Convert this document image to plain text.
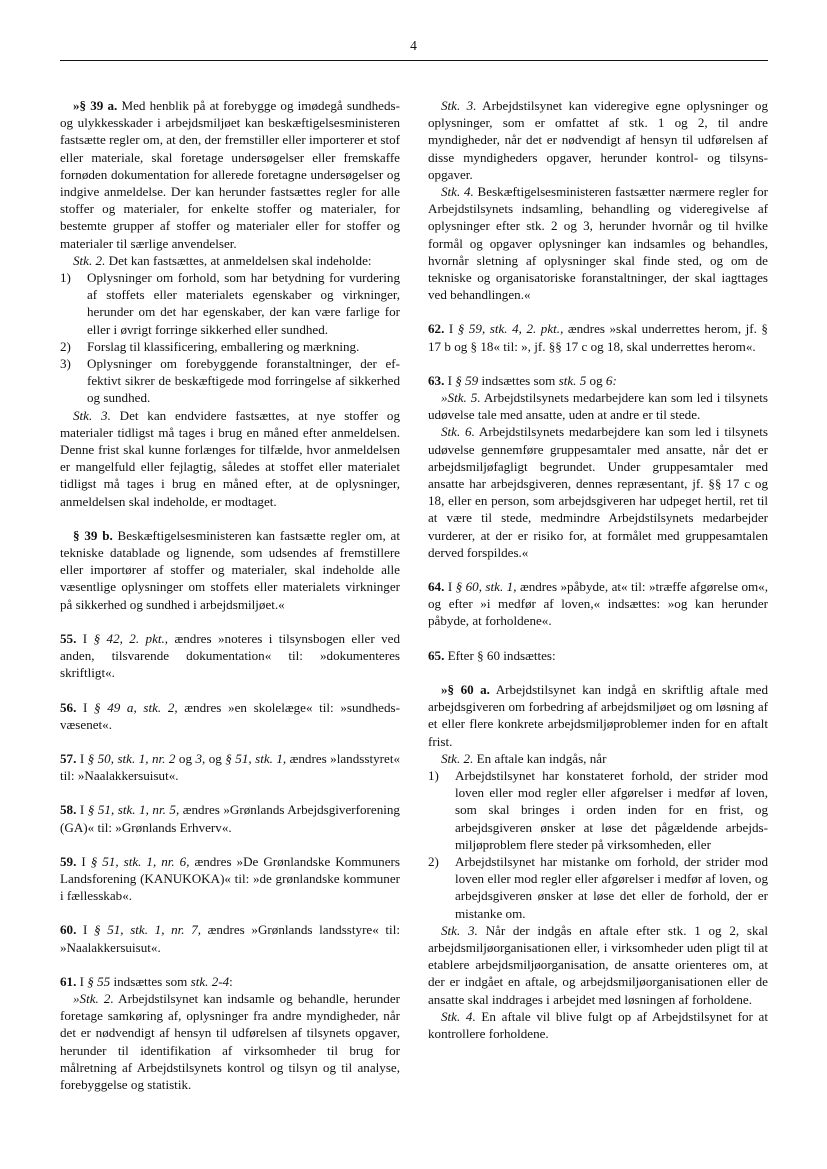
4

»§ 39 a. Med henblik på at forebygge og imødegå sundheds- og ulykkesskader i arbejdsmiljøet kan beskæftigelsesministeren fastsætte regler om, at den, der fremstiller eller importerer et stof eller materiale, skal foretage undersøgelser eller fremskaffe fornøden dokumentation for allerede foretagne undersøgelser og indgive anmeldelse. Der kan herunder fastsættes regler for alle stoffer og materialer, for enkelte stoffer og materialer, for bestemte grupper af stoffer og materialer eller for stoffer og materialer til særlige anvendelser.

Stk. 2. Det kan fastsættes, at anmeldelsen skal indeholde:

1) Oplysninger om forhold, som har betydning for vurdering af stoffets eller materialets egenskaber og virkninger, herunder om det har egenskaber, der kan være farlige for eller i øvrigt forringe sikkerhed eller sundhed.

2) Forslag til klassificering, emballering og mærkning.

3) Oplysninger om forebyggende foranstaltninger, der effektivt sikrer de beskæftigede mod forringelse af sikkerhed og sundhed.

Stk. 3. Det kan endvidere fastsættes, at nye stoffer og materialer tidligst må tages i brug en måned efter anmeldelsen. Denne frist skal kunne forlænges for tilfælde, hvor anmeldelsen er mangelfuld eller fejlagtig, således at stoffet eller materialet tidligst må tages i brug en måned efter, at de oplysninger, anmeldelsen skal indeholde, er modtaget.

§ 39 b. Beskæftigelsesministeren kan fastsætte regler om, at tekniske datablade og lignende, som udsendes af fremstillere eller importører af stoffer og materialer, skal indeholde alle væsentlige oplysninger om stoffets eller materialets virkninger på sikkerhed og sundhed i arbejdsmiljøet.«

55. I § 42, 2. pkt., ændres »noteres i tilsynsbogen eller ved anden, tilsvarende dokumentation« til: »dokumenteres skriftligt«.

56. I § 49 a, stk. 2, ændres »en skolelæge« til: »sundhedsvæsenet«.

57. I § 50, stk. 1, nr. 2 og 3, og § 51, stk. 1, ændres »landsstyret« til: »Naalakkersuisut«.

58. I § 51, stk. 1, nr. 5, ændres »Grønlands Arbejdsgiverforening (GA)« til: »Grønlands Erhverv«.

59. I § 51, stk. 1, nr. 6, ændres »De Grønlandske Kommuners Landsforening (KANUKOKA)« til: »de grønlandske kommuner i fællesskab«.

60. I § 51, stk. 1, nr. 7, ændres »Grønlands landsstyre« til: »Naalakkersuisut«.

61. I § 55 indsættes som stk. 2-4:

»Stk. 2. Arbejdstilsynet kan indsamle og behandle, herunder foretage samkøring af, oplysninger fra andre myndigheder, når det er nødvendigt af hensyn til udførelsen af tilsynets opgaver, herunder til identifikation af virksomheder til brug for målretning af Arbejdstilsynets kontrol og tilsyn og til analyse, forebyggelse og statistik.

Stk. 3. Arbejdstilsynet kan videregive egne oplysninger og oplysninger, som er omfattet af stk. 1 og 2, til andre myndigheder, når det er nødvendigt af hensyn til udførelsen af disse myndigheders opgaver, herunder kontrol- og tilsynsopgaver.

Stk. 4. Beskæftigelsesministeren fastsætter nærmere regler for Arbejdstilsynets indsamling, behandling og videregivelse af oplysninger efter stk. 2 og 3, herunder hvornår og til hvilke formål og opgaver oplysninger kan indsamles og behandles, hvornår sletning af oplysninger skal finde sted, og om de tekniske og organisatoriske foranstaltninger, der skal iagttages ved behandlingen.«

62. I § 59, stk. 4, 2. pkt., ændres »skal underrettes herom, jf. § 17 b og § 18« til: », jf. §§ 17 c og 18, skal underrettes herom«.

63. I § 59 indsættes som stk. 5 og 6:

»Stk. 5. Arbejdstilsynets medarbejdere kan som led i tilsynets udøvelse tale med ansatte, uden at andre er til stede.

Stk. 6. Arbejdstilsynets medarbejdere kan som led i tilsynets udøvelse gennemføre gruppesamtaler med ansatte, når det er arbejdsmiljøfagligt begrundet. Under gruppesamtaler med ansatte har arbejdsgiveren, dennes repræsentant, jf. §§ 17 c og 18, eller en person, som arbejdsgiveren har udpeget hertil, ret til at være til stede, medmindre Arbejdstilsynets medarbejder vurderer, at der er risiko for, at formålet med gruppesamtalen derved forspildes.«

64. I § 60, stk. 1, ændres »påbyde, at« til: »træffe afgørelse om«, og efter »i medfør af loven,« indsættes: »og kan herunder påbyde, at forholdene«.

65. Efter § 60 indsættes:

»§ 60 a. Arbejdstilsynet kan indgå en skriftlig aftale med arbejdsgiveren om forbedring af arbejdsmiljøet og om løsning af et eller flere konkrete arbejdsmiljøproblemer inden for en aftalt frist.

Stk. 2. En aftale kan indgås, når

1) Arbejdstilsynet har konstateret forhold, der strider mod loven eller mod regler eller afgørelser i medfør af loven, som skal bringes i orden inden for en frist, og arbejdsgiveren ønsker at løse det pågældende arbejdsmiljøproblem flere steder på virksomheden, eller

2) Arbejdstilsynet har mistanke om forhold, der strider mod loven eller mod regler eller afgørelser i medfør af loven, og arbejdsgiveren ønsker at løse det eller de forhold, der er mistanke om.

Stk. 3. Når der indgås en aftale efter stk. 1 og 2, skal arbejdsmiljøorganisationen eller, i virksomheder uden pligt til at etablere arbejdsmiljøorganisation, de ansatte orienteres om, at der er indgået en aftale, og arbejdsmiljøorganisationen eller de ansatte skal inddrages i arbejdet med løsningen af forholdene.

Stk. 4. En aftale vil blive fulgt op af Arbejdstilsynet for at kontrollere forholdene.
